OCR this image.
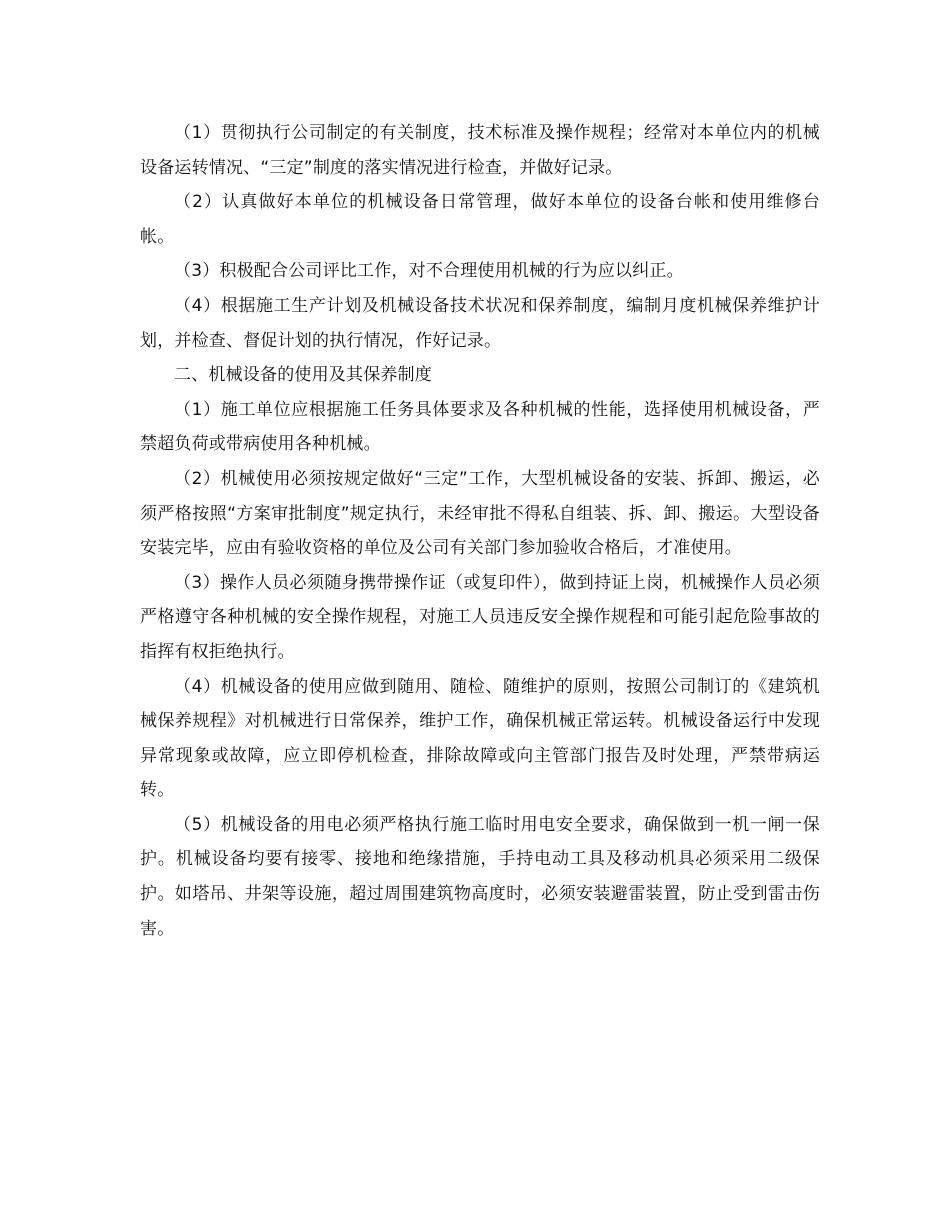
（1）贯彻执行公司制定的有关制度，技术标准及操作规程；经常对本单位内的机械设备运转情况、“三定”制度的落实情况进行检查，并做好记录。

（2）认真做好本单位的机械设备日常管理，做好本单位的设备台帐和使用维修台帐。

（3）积极配合公司评比工作，对不合理使用机械的行为应以纠正。

（4）根据施工生产计划及机械设备技术状况和保养制度，编制月度机械保养维护计划，并检查、督促计划的执行情况，作好记录。

二、机械设备的使用及其保养制度

（1）施工单位应根据施工任务具体要求及各种机械的性能，选择使用机械设备，严禁超负荷或带病使用各种机械。

（2）机械使用必须按规定做好“三定”工作，大型机械设备的安装、拆卸、搬运，必须严格按照“方案审批制度”规定执行，未经审批不得私自组装、拆、卸、搬运。大型设备安装完毕，应由有验收资格的单位及公司有关部门参加验收合格后，才准使用。

（3）操作人员必须随身携带操作证（或复印件），做到持证上岗，机械操作人员必须严格遵守各种机械的安全操作规程，对施工人员违反安全操作规程和可能引起危险事故的指挥有权拒绝执行。

（4）机械设备的使用应做到随用、随检、随维护的原则，按照公司制订的《建筑机械保养规程》对机械进行日常保养，维护工作，确保机械正常运转。机械设备运行中发现异常现象或故障，应立即停机检查，排除故障或向主管部门报告及时处理，严禁带病运转。

（5）机械设备的用电必须严格执行施工临时用电安全要求，确保做到一机一闸一保护。机械设备均要有接零、接地和绝缘措施，手持电动工具及移动机具必须采用二级保护。如塔吊、井架等设施，超过周围建筑物高度时，必须安装避雷装置，防止受到雷击伤害。
